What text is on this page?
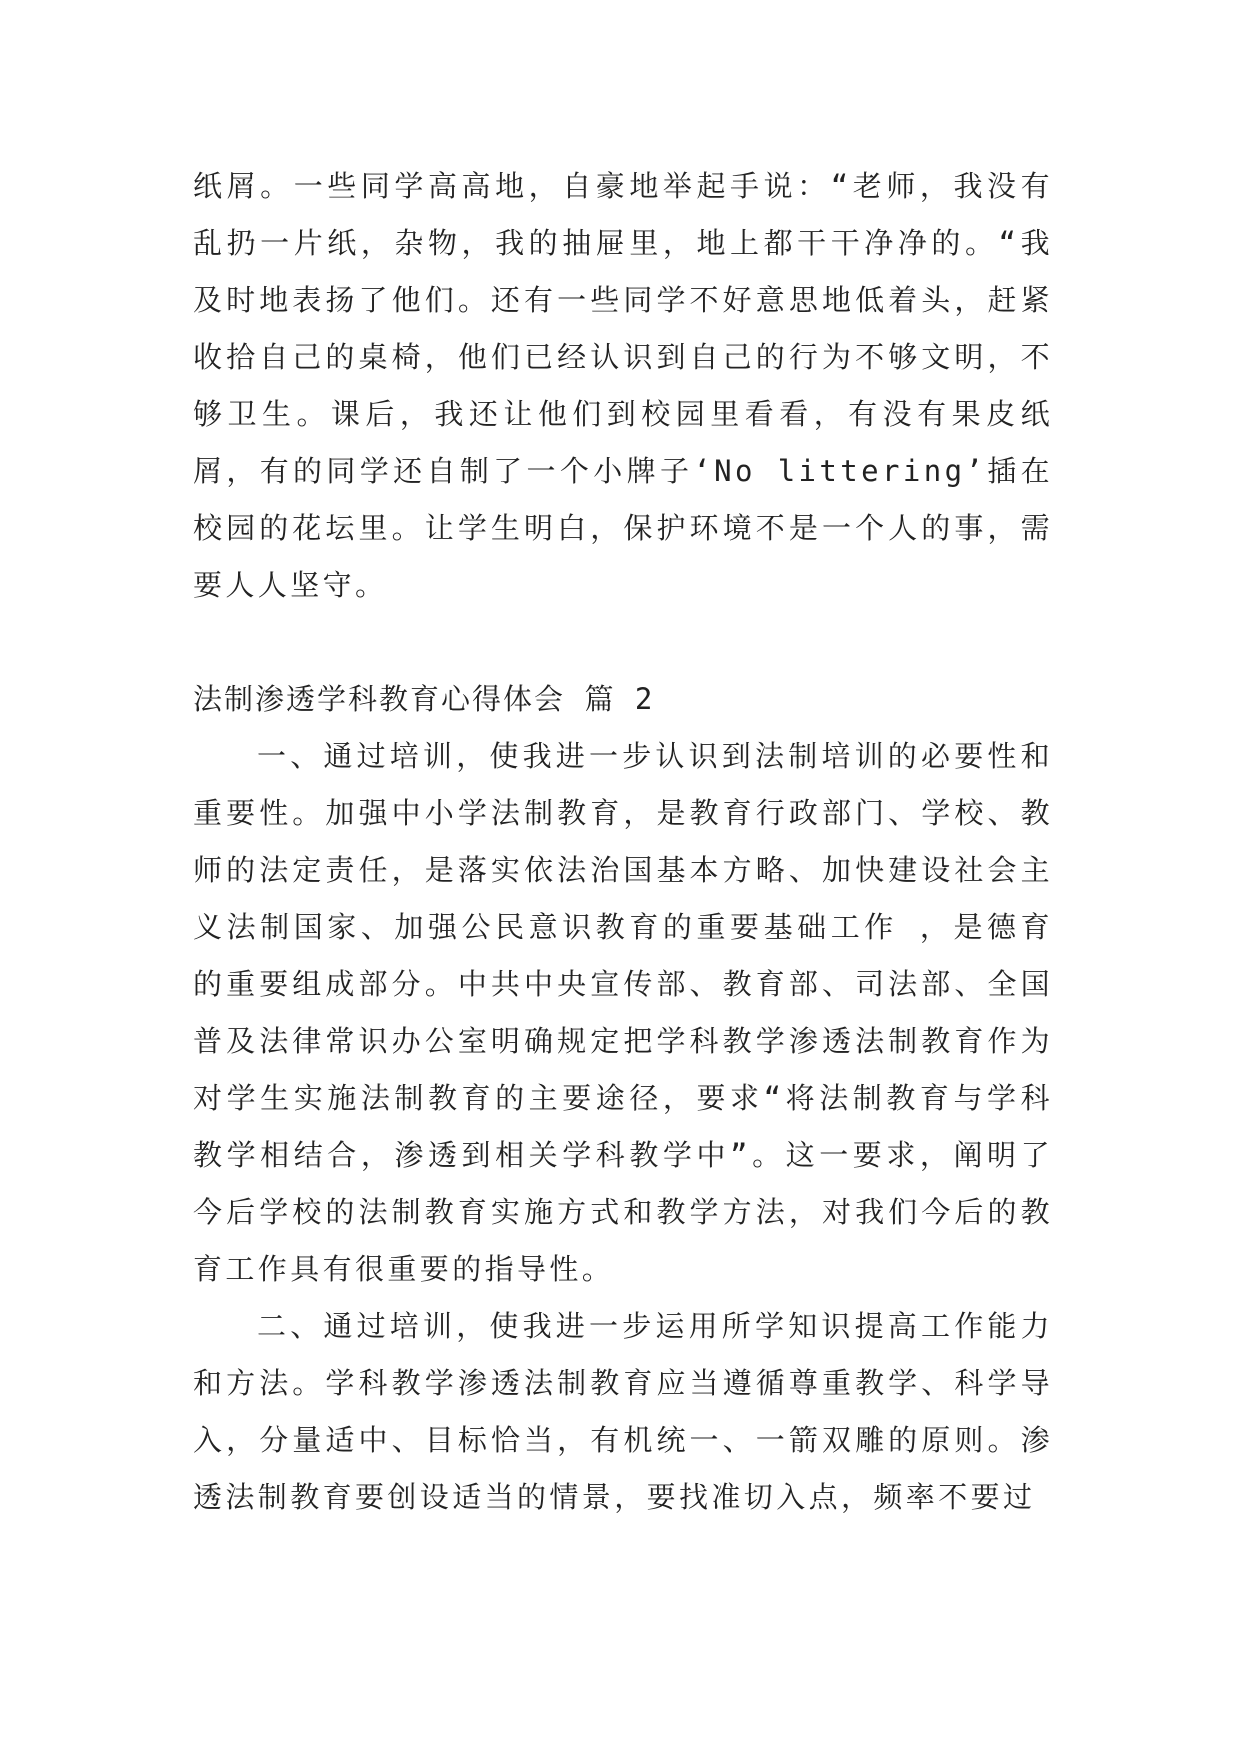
纸屑。一些同学高高地，自豪地举起手说：“老师，我没有乱扔一片纸，杂物，我的抽屉里，地上都干干净净的。“我及时地表扬了他们。还有一些同学不好意思地低着头，赶紧收拾自己的桌椅，他们已经认识到自己的行为不够文明，不够卫生。课后，我还让他们到校园里看看，有没有果皮纸屑，有的同学还自制了一个小牌子‘No littering’插在校园的花坛里。让学生明白，保护环境不是一个人的事，需要人人坚守。

法制渗透学科教育心得体会 篇 2

一、通过培训，使我进一步认识到法制培训的必要性和重要性。加强中小学法制教育，是教育行政部门、学校、教师的法定责任，是落实依法治国基本方略、加快建设社会主义法制国家、加强公民意识教育的重要基础工作 ，是德育的重要组成部分。中共中央宣传部、教育部、司法部、全国普及法律常识办公室明确规定把学科教学渗透法制教育作为对学生实施法制教育的主要途径，要求“将法制教育与学科教学相结合，渗透到相关学科教学中”。这一要求，阐明了今后学校的法制教育实施方式和教学方法，对我们今后的教育工作具有很重要的指导性。

二、通过培训，使我进一步运用所学知识提高工作能力和方法。学科教学渗透法制教育应当遵循尊重教学、科学导入，分量适中、目标恰当，有机统一、一箭双雕的原则。渗透法制教育要创设适当的情景，要找准切入点，频率不要过
